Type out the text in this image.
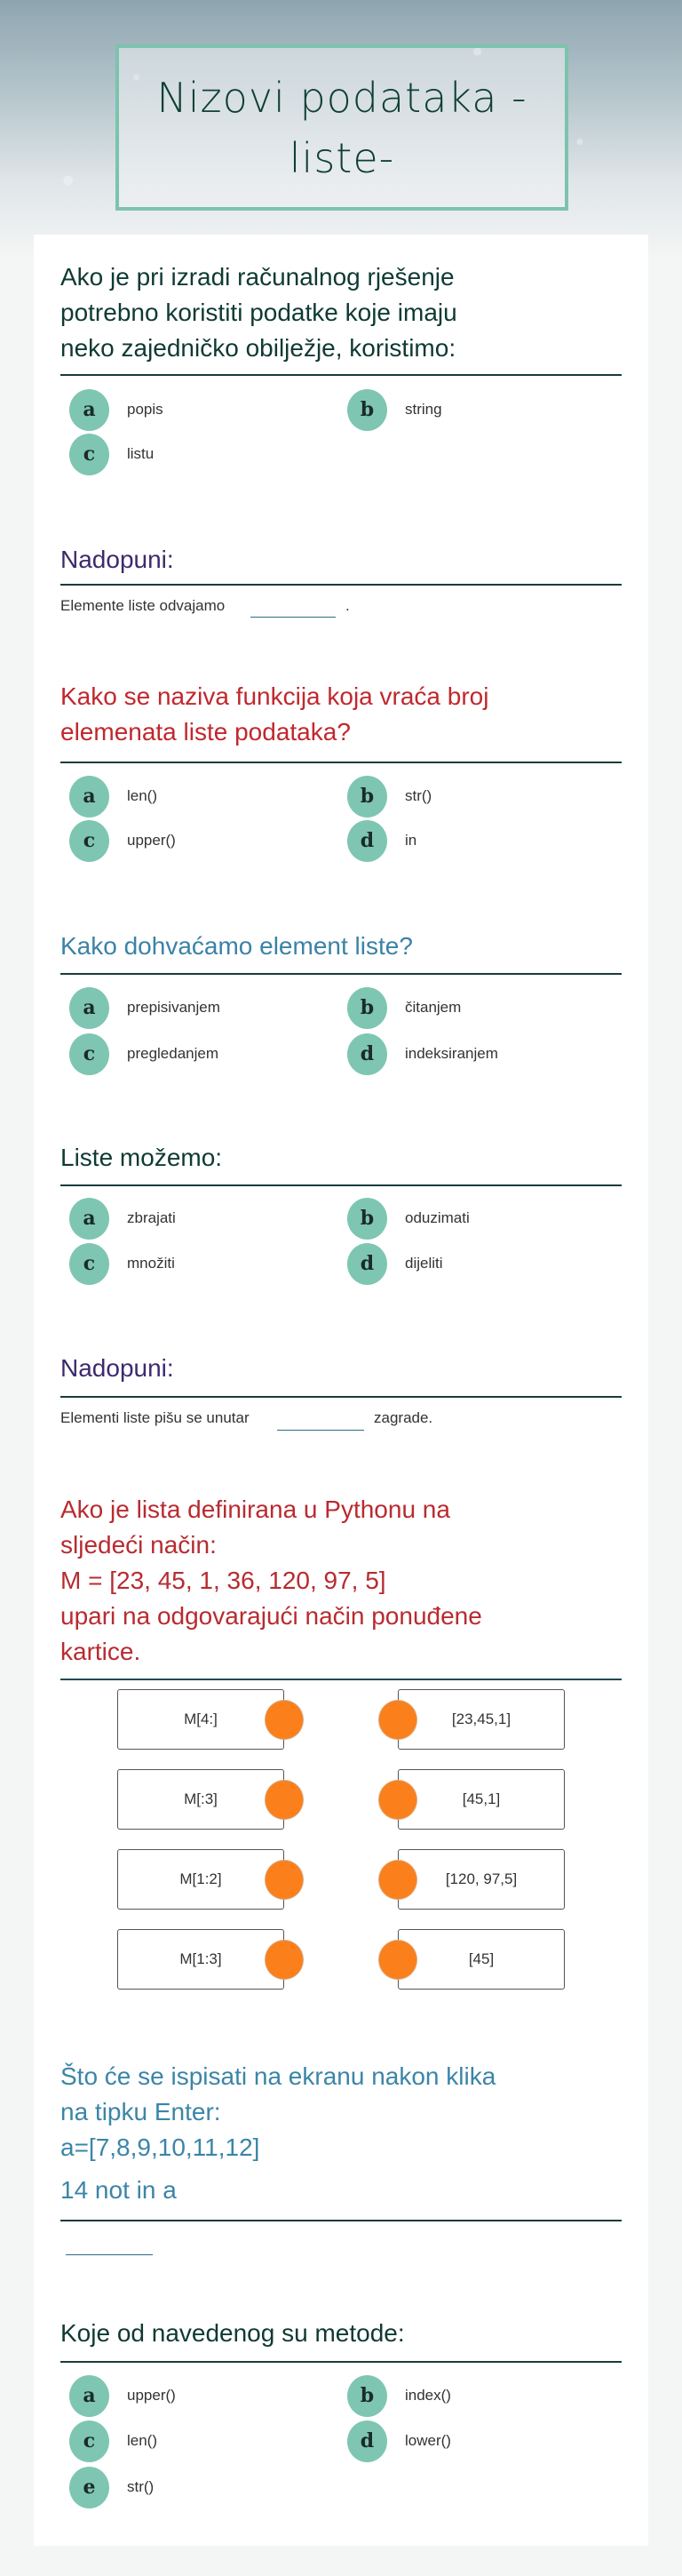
Nizovi podataka -
liste-
Ako je pri izradi računalnog rješenje
potrebno koristiti podatke koje imaju
neko zajedničko obilježje, koristimo:
a	popis	b	string
c	listu
Nadopuni:
Elemente liste odvajamo	.
Kako se naziva funkcija koja vraća broj
elemenata liste podataka?
a	len()	b	str()
c	upper()	d	in
Kako dohvaćamo element liste?
a	prepisivanjem	b	čitanjem
c	pregledanjem	d	indeksiranjem
Liste možemo:
a	zbrajati	b	oduzimati
c	množiti	d	dijeliti
Nadopuni:
Elementi liste pišu se unutar	zagrade.
Ako je lista definirana u Pythonu na
sljedeći način:
M = [23, 45, 1, 36, 120, 97, 5]
upari na odgovarajući način ponuđene
kartice.
M[4:]	[23,45,1]
M[:3]	[45,1]
M[1:2]	[120, 97,5]
M[1:3]	[45]
Što će se ispisati na ekranu nakon klika
na tipku Enter:
a=[7,8,9,10,11,12]
14 not in a
Koje od navedenog su metode:
a	upper()	b	index()
c	len()	d	lower()
e	str()
